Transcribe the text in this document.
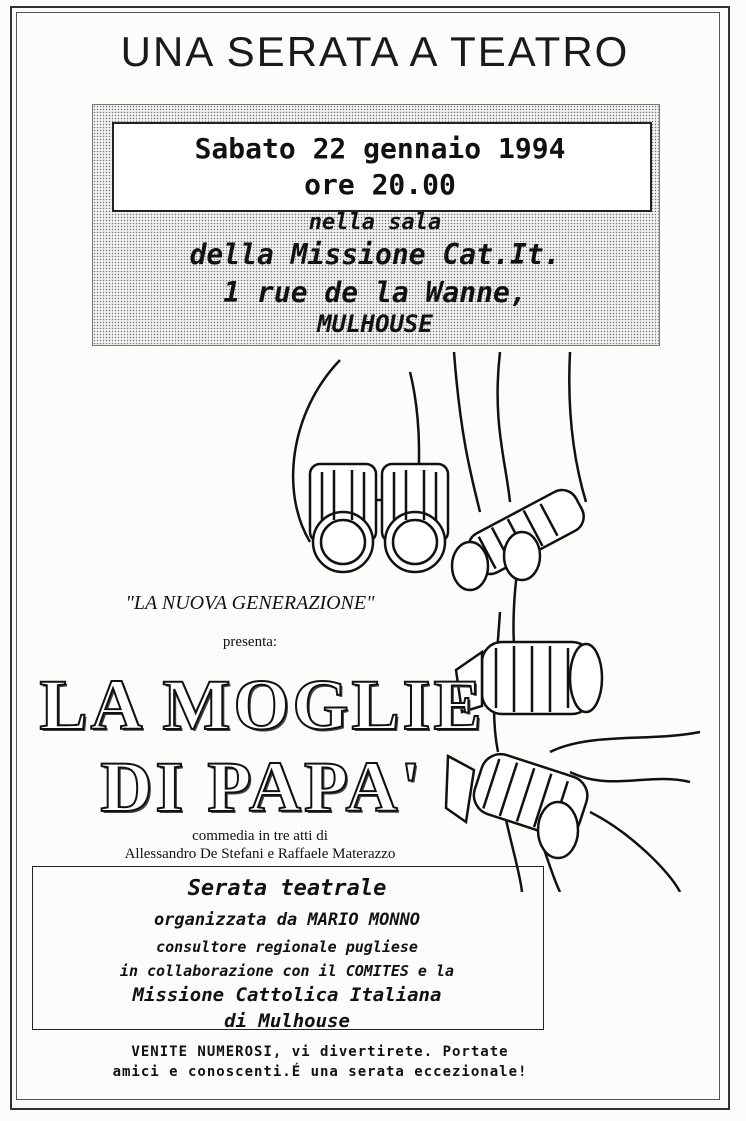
UNA SERATA A TEATRO
Sabato 22 gennaio 1994
ore 20.00
nella sala
della Missione Cat.It.
1 rue de la Wanne,
MULHOUSE
"LA NUOVA GENERAZIONE"
presenta:
LA MOGLIE
DI PAPA'
commedia in tre atti di
Allessandro De Stefani e Raffaele Materazzo
Serata teatrale
organizzata da MARIO MONNO
consultore regionale pugliese
in collaborazione con il COMITES e la
Missione Cattolica Italiana
di Mulhouse
VENITE NUMEROSI, vi divertirete. Portate
amici e conoscenti.É una serata eccezionale!
